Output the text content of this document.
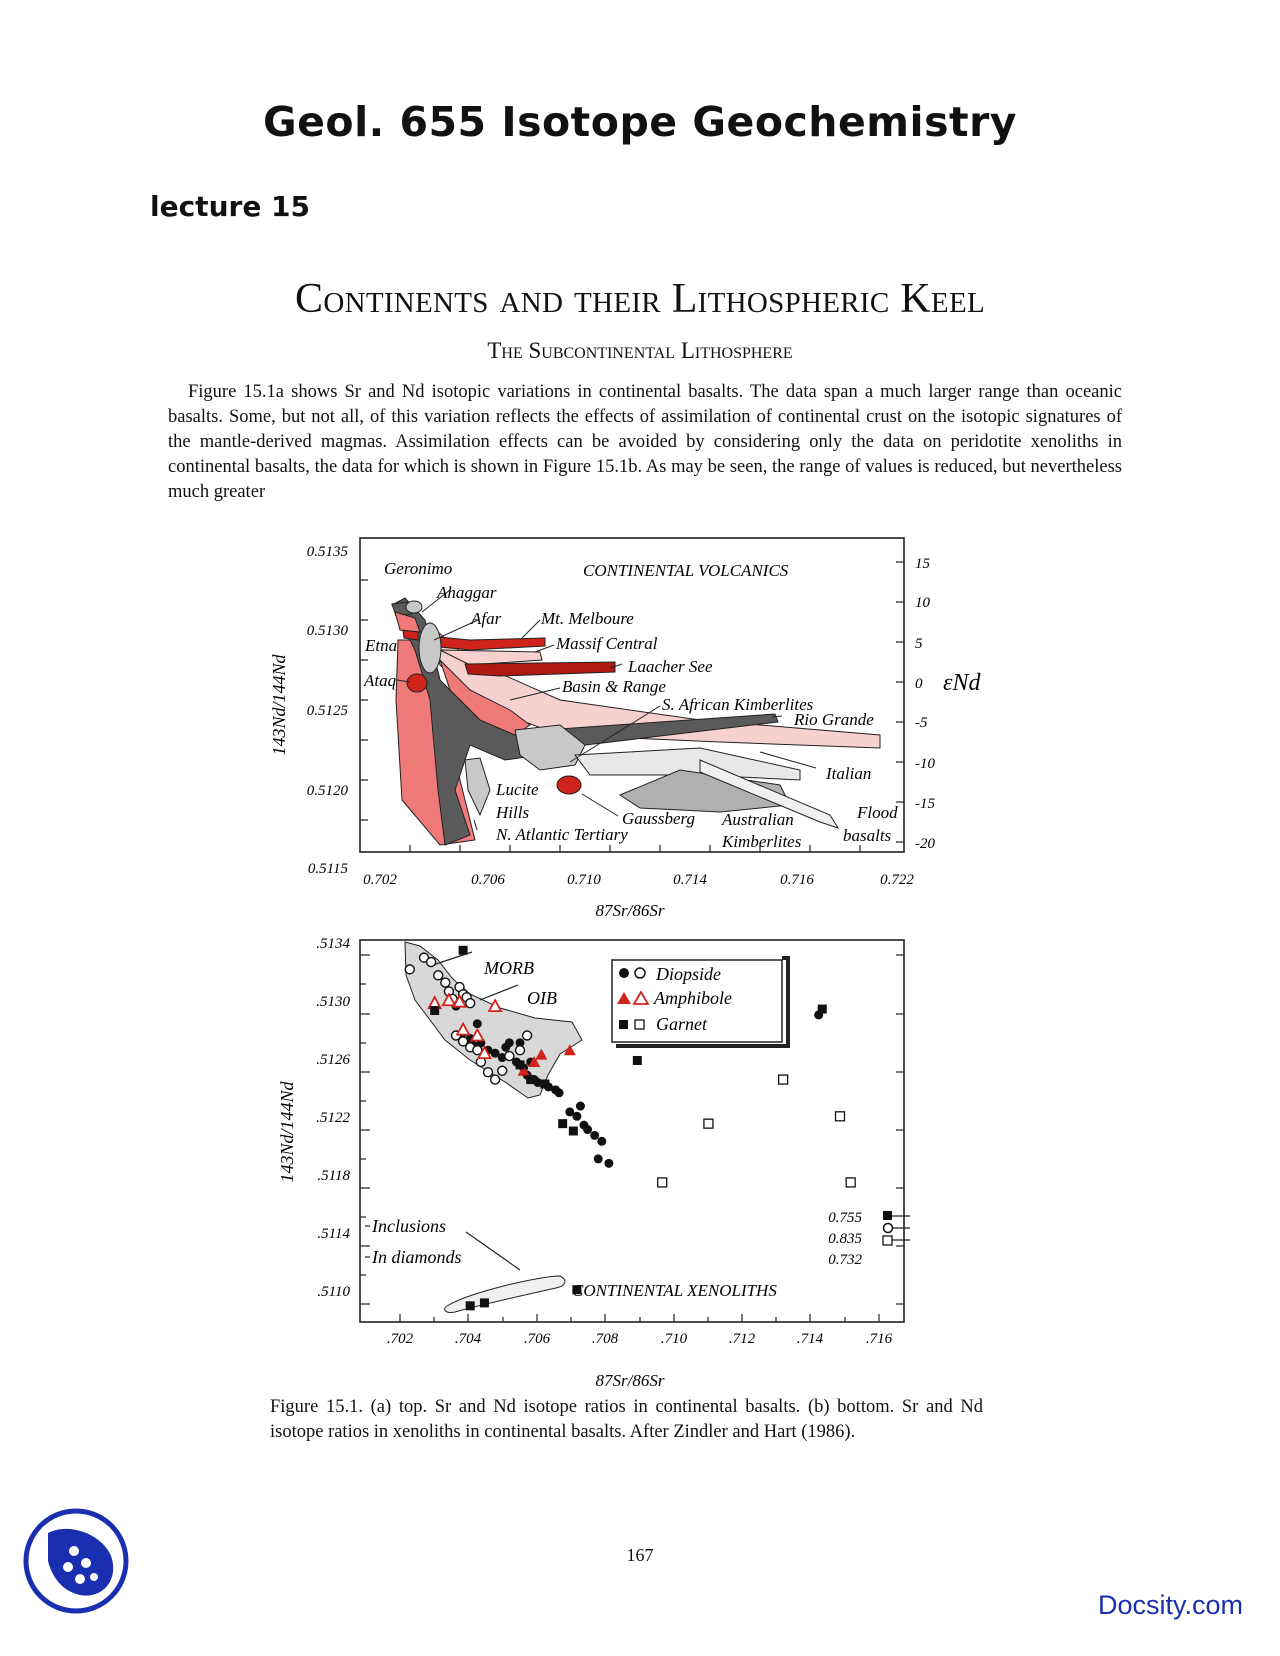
Geol. 655 Isotope Geochemistry
lecture 15
Continents and their Lithospheric Keel
The Subcontinental Lithosphere

Figure 15.1a shows Sr and Nd isotopic variations in continental basalts. The data span a much larger range than oceanic basalts. Some, but not all, of this variation reflects the effects of assimilation of continental crust on the isotopic signatures of the mantle-derived magmas. Assimilation effects can be avoided by considering only the data on peridotite xenoliths in continental basalts, the data for which is shown in Figure 15.1b. As may be seen, the range of values is reduced, but nevertheless much greater

0.702	0.706	0.710	0.714	0.716	0.722
0.5135
0.5130
0.5125
0.5120
0.5115
15
10
5
0
-5
-10
-15
-20
εNd
CONTINENTAL VOLCANICS
87Sr/86Sr
143Nd/144Nd
Geronimo
Ahaggar
Afar Mt. Melboure
Etna	Massif Central
Laacher See
Ataq	Basin & Range
S. African Kimberlites
Rio Grande
Italian
Lucite
Hills	Flood
basalts
Gaussberg Australian
Kimberlites
N. Atlantic Tertiary
Diopside
Amphibole
Garnet
0.755
0.835
0.732
MORB
OIB
Inclusions
In diamonds
CONTINENTAL XENOLITHS
.702	.704	.706	.708	.710	.712	.714	.716
.5134
.5130
.5126
.5122
.5118
.5114
.5110
87Sr/86Sr
143Nd/144Nd

Figure 15.1. (a) top. Sr and Nd isotope ratios in continental basalts. (b) bottom. Sr and Nd isotope ratios in xenoliths in continental basalts. After Zindler and Hart (1986).

167
Docsity.com
